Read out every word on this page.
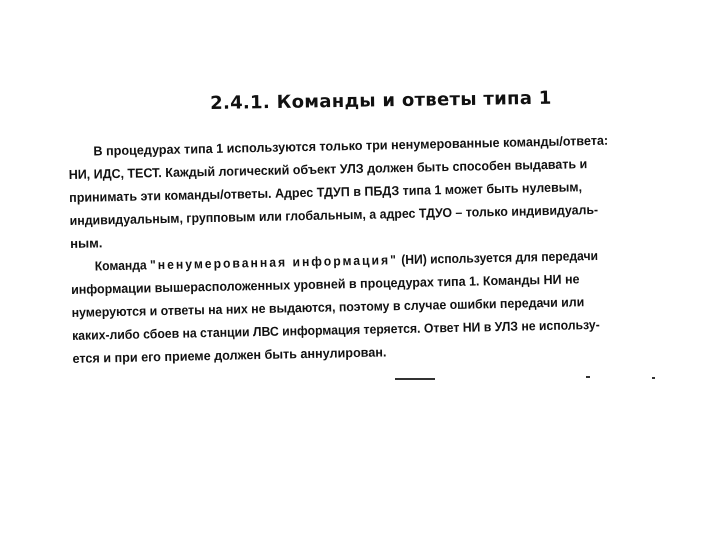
2.4.1. Команды и ответы типа 1
В процедурах типа 1 используются только три ненумерованные команды/ответа:
НИ, ИДС, ТЕСТ. Каждый логический объект УЛЗ должен быть способен выдавать и
принимать эти команды/ответы. Адрес ТДУП в ПБДЗ типа 1 может быть нулевым,
индивидуальным, групповым или глобальным, а адрес ТДУО – только индивидуаль-
ным.
Команда "ненумерованная информация" (НИ) используется для передачи
информации вышерасположенных уровней в процедурах типа 1. Команды НИ не
нумеруются и ответы на них не выдаются, поэтому в случае ошибки передачи или
каких-либо сбоев на станции ЛВС информация теряется. Ответ НИ в УЛЗ не использу-
ется и при его приеме должен быть аннулирован.
